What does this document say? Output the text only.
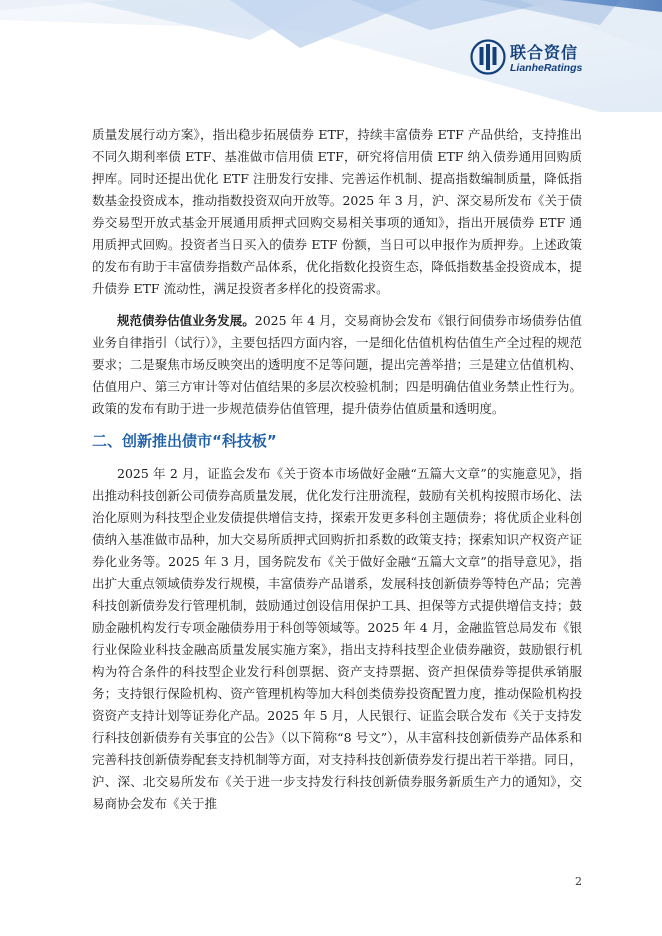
联合资信
LianheRatings

质量发展行动方案》，指出稳步拓展债券 ETF，持续丰富债券 ETF 产品供给，支持推出不同久期利率债 ETF、基准做市信用债 ETF，研究将信用债 ETF 纳入债券通用回购质押库。同时还提出优化 ETF 注册发行安排、完善运作机制、提高指数编制质量，降低指数基金投资成本，推动指数投资双向开放等。2025 年 3 月，沪、深交易所发布《关于债券交易型开放式基金开展通用质押式回购交易相关事项的通知》，指出开展债券 ETF 通用质押式回购。投资者当日买入的债券 ETF 份额，当日可以申报作为质押券。上述政策的发布有助于丰富债券指数产品体系，优化指数化投资生态，降低指数基金投资成本，提升债券 ETF 流动性，满足投资者多样化的投资需求。

规范债券估值业务发展。2025 年 4 月，交易商协会发布《银行间债券市场债券估值业务自律指引（试行）》，主要包括四方面内容，一是细化估值机构估值生产全过程的规范要求；二是聚焦市场反映突出的透明度不足等问题，提出完善举措；三是建立估值机构、估值用户、第三方审计等对估值结果的多层次校验机制；四是明确估值业务禁止性行为。政策的发布有助于进一步规范债券估值管理，提升债券估值质量和透明度。

二、创新推出债市“科技板”

2025 年 2 月，证监会发布《关于资本市场做好金融“五篇大文章”的实施意见》，指出推动科技创新公司债券高质量发展，优化发行注册流程，鼓励有关机构按照市场化、法治化原则为科技型企业发债提供增信支持，探索开发更多科创主题债券；将优质企业科创债纳入基准做市品种，加大交易所质押式回购折扣系数的政策支持；探索知识产权资产证券化业务等。2025 年 3 月，国务院发布《关于做好金融“五篇大文章”的指导意见》，指出扩大重点领域债券发行规模，丰富债券产品谱系，发展科技创新债券等特色产品；完善科技创新债券发行管理机制，鼓励通过创设信用保护工具、担保等方式提供增信支持；鼓励金融机构发行专项金融债券用于科创等领域等。2025 年 4 月，金融监管总局发布《银行业保险业科技金融高质量发展实施方案》，指出支持科技型企业债券融资，鼓励银行机构为符合条件的科技型企业发行科创票据、资产支持票据、资产担保债券等提供承销服务；支持银行保险机构、资产管理机构等加大科创类债券投资配置力度，推动保险机构投资资产支持计划等证券化产品。2025 年 5 月，人民银行、证监会联合发布《关于支持发行科技创新债券有关事宜的公告》（以下简称“8 号文”），从丰富科技创新债券产品体系和完善科技创新债券配套支持机制等方面，对支持科技创新债券发行提出若干举措。同日，沪、深、北交易所发布《关于进一步支持发行科技创新债券服务新质生产力的通知》，交易商协会发布《关于推

2
